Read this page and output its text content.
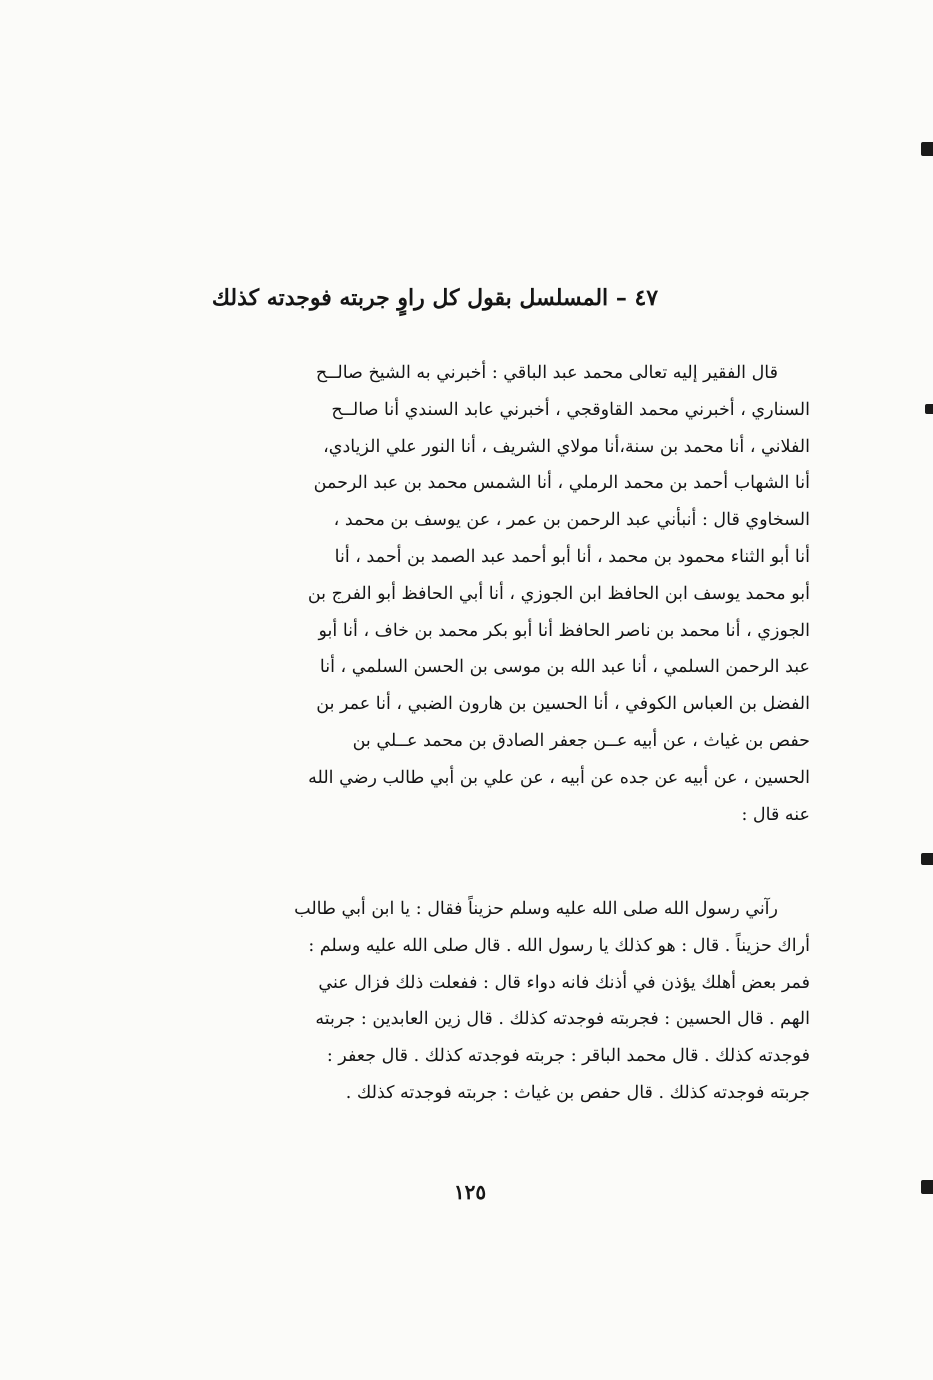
٤٧ – المسلسل بقول كل راوٍ جربته فوجدته كذلك
قال الفقير إليه تعالى محمد عبد الباقي : أخبرني به الشيخ صالــح
السناري ، أخبرني محمد القاوقجي ، أخبرني عابد السندي أنا صالــح
الفلاني ، أنا محمد بن سنة،أنا مولاي الشريف ، أنا النور علي الزيادي،
أنا الشهاب أحمد بن محمد الرملي ، أنا الشمس محمد بن عبد الرحمن
السخاوي قال : أنبأني عبد الرحمن بن عمر ، عن يوسف بن محمد ،
أنا أبو الثناء محمود بن محمد ، أنا أبو أحمد عبد الصمد بن أحمد ، أنا
أبو محمد يوسف ابن الحافظ ابن الجوزي ، أنا أبي الحافظ أبو الفرج بن
الجوزي ، أنا محمد بن ناصر الحافظ أنا أبو بكر محمد بن خاف ، أنا أبو
عبد الرحمن السلمي ، أنا عبد الله بن موسى بن الحسن السلمي ، أنا
الفضل بن العباس الكوفي ، أنا الحسين بن هارون الضبي ، أنا عمر بن
حفص بن غياث ، عن أبيه عــن جعفر الصادق بن محمد عــلي بن
الحسين ، عن أبيه عن جده عن أبيه ، عن علي بن أبي طالب رضي الله
عنه قال :
رآني رسول الله صلى الله عليه وسلم حزيناً فقال : يا ابن أبي طالب
أراك حزيناً . قال : هو كذلك يا رسول الله . قال صلى الله عليه وسلم :
فمر بعض أهلك يؤذن في أذنك فانه دواء قال : ففعلت ذلك فزال عني
الهم . قال الحسين : فجربته فوجدته كذلك . قال زين العابدين : جربته
فوجدته كذلك . قال محمد الباقر : جربته فوجدته كذلك . قال جعفر :
جربته فوجدته كذلك . قال حفص بن غياث : جربته فوجدته كذلك .
١٢٥
